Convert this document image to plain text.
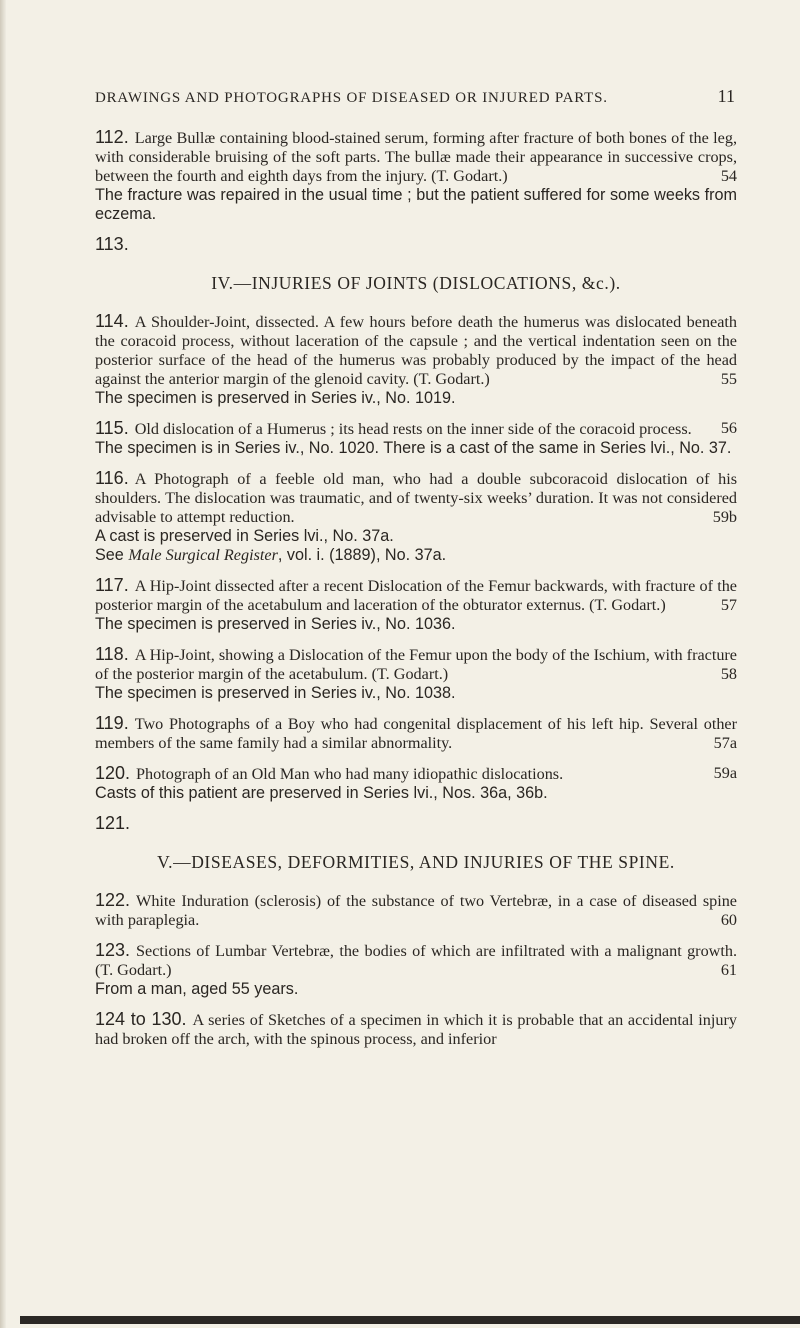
DRAWINGS AND PHOTOGRAPHS OF DISEASED OR INJURED PARTS.	11

112. Large Bullæ containing blood-stained serum, forming after fracture of both bones of the leg, with considerable bruising of the soft parts. The bullæ made their appearance in successive crops, between the fourth and eighth days from the injury. (T. Godart.)	54

The fracture was repaired in the usual time ; but the patient suffered for some weeks from eczema.

113.

IV.—INJURIES OF JOINTS (DISLOCATIONS, &c.).

114. A Shoulder-Joint, dissected. A few hours before death the humerus was dislocated beneath the coracoid process, without laceration of the capsule ; and the vertical indentation seen on the posterior surface of the head of the humerus was probably produced by the impact of the head against the anterior margin of the glenoid cavity. (T. Godart.)	55

The specimen is preserved in Series iv., No. 1019.

115. Old dislocation of a Humerus ; its head rests on the inner side of the coracoid process. 56

The specimen is in Series iv., No. 1020. There is a cast of the same in Series lvi., No. 37.

116. A Photograph of a feeble old man, who had a double subcoracoid dislocation of his shoulders. The dislocation was traumatic, and of twenty-six weeks’ duration. It was not considered advisable to attempt reduction.	59b

A cast is preserved in Series lvi., No. 37a.

See Male Surgical Register, vol. i. (1889), No. 37a.

117. A Hip-Joint dissected after a recent Dislocation of the Femur backwards, with fracture of the posterior margin of the acetabulum and laceration of the obturator externus. (T. Godart.)	57

The specimen is preserved in Series iv., No. 1036.

118. A Hip-Joint, showing a Dislocation of the Femur upon the body of the Ischium, with fracture of the posterior margin of the acetabulum. (T. Godart.)	58

The specimen is preserved in Series iv., No. 1038.

119. Two Photographs of a Boy who had congenital displacement of his left hip. Several other members of the same family had a similar abnormality.	57a

120. Photograph of an Old Man who had many idiopathic dislocations.	59a

Casts of this patient are preserved in Series lvi., Nos. 36a, 36b.

121.

V.—DISEASES, DEFORMITIES, AND INJURIES OF THE SPINE.

122. White Induration (sclerosis) of the substance of two Vertebræ, in a case of diseased spine with paraplegia.	60

123. Sections of Lumbar Vertebræ, the bodies of which are infiltrated with a malignant growth. (T. Godart.)	61

From a man, aged 55 years.

124 to 130. A series of Sketches of a specimen in which it is probable that an accidental injury had broken off the arch, with the spinous process, and inferior
